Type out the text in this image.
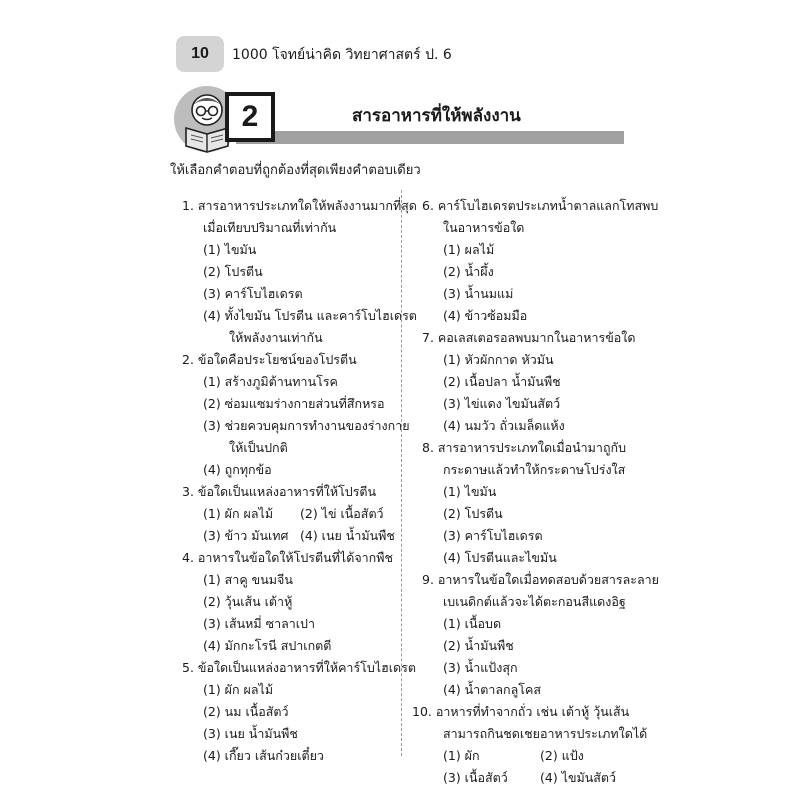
10	1000 โจทย์น่าคิด วิทยาศาสตร์ ป. 6
2	สารอาหารที่ให้พลังงาน
ให้เลือกคำตอบที่ถูกต้องที่สุดเพียงคำตอบเดียว
1. สารอาหารประเภทใดให้พลังงานมากที่สุด
เมื่อเทียบปริมาณที่เท่ากัน
(1) ไขมัน
(2) โปรตีน
(3) คาร์โบไฮเดรต
(4) ทั้งไขมัน โปรตีน และคาร์โบไฮเดรต
ให้พลังงานเท่ากัน
2. ข้อใดคือประโยชน์ของโปรตีน
(1) สร้างภูมิต้านทานโรค
(2) ซ่อมแซมร่างกายส่วนที่สึกหรอ
(3) ช่วยควบคุมการทำงานของร่างกาย
ให้เป็นปกติ
(4) ถูกทุกข้อ
3. ข้อใดเป็นแหล่งอาหารที่ให้โปรตีน
(1) ผัก ผลไม้ (2) ไข่ เนื้อสัตว์
(3) ข้าว มันเทศ (4) เนย น้ำมันพืช
4. อาหารในข้อใดให้โปรตีนที่ได้จากพืช
(1) สาคู ขนมจีน
(2) วุ้นเส้น เต้าหู้
(3) เส้นหมี่ ซาลาเปา
(4) มักกะโรนี สปาเกตตี
5. ข้อใดเป็นแหล่งอาหารที่ให้คาร์โบไฮเดรต
(1) ผัก ผลไม้
(2) นม เนื้อสัตว์
(3) เนย น้ำมันพืช
(4) เกี๊ยว เส้นก๋วยเตี๋ยว
6. คาร์โบไฮเดรตประเภทน้ำตาลแลกโทสพบ
ในอาหารข้อใด
(1) ผลไม้
(2) น้ำผึ้ง
(3) น้ำนมแม่
(4) ข้าวซ้อมมือ
7. คอเลสเตอรอลพบมากในอาหารข้อใด
(1) หัวผักกาด หัวมัน
(2) เนื้อปลา น้ำมันพืช
(3) ไข่แดง ไขมันสัตว์
(4) นมวัว ถั่วเมล็ดแห้ง
8. สารอาหารประเภทใดเมื่อนำมาถูกับ
กระดาษแล้วทำให้กระดาษโปร่งใส
(1) ไขมัน
(2) โปรตีน
(3) คาร์โบไฮเดรต
(4) โปรตีนและไขมัน
9. อาหารในข้อใดเมื่อทดสอบด้วยสารละลาย
เบเนดิกต์แล้วจะได้ตะกอนสีแดงอิฐ
(1) เนื้อบด
(2) น้ำมันพืช
(3) น้ำแป้งสุก
(4) น้ำตาลกลูโคส
10. อาหารที่ทำจากถั่ว เช่น เต้าหู้ วุ้นเส้น
สามารถกินชดเชยอาหารประเภทใดได้
(1) ผัก	(2) แป้ง
(3) เนื้อสัตว์	(4) ไขมันสัตว์
